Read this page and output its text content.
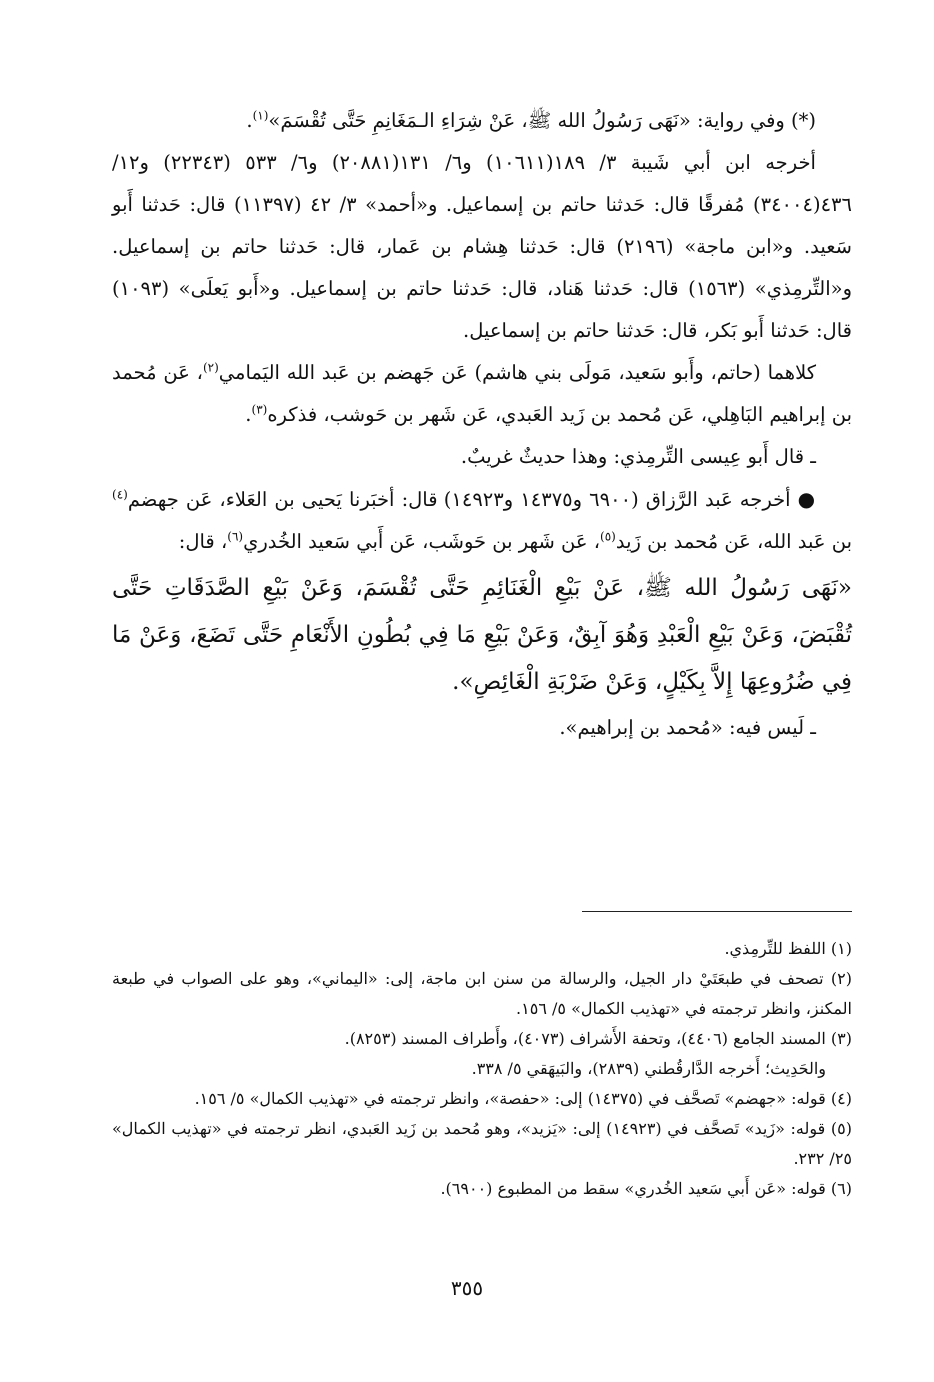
(*) وفي رواية: «نَهَى رَسُولُ الله ﷺ، عَنْ شِرَاءِ الـمَغَانِمِ حَتَّى تُقْسَمَ»$^{(١)}$.

أخرجه ابن أبي شَيبة ٣/ ١٨٩(١٠٦١١) و٦/ ١٣١(٢٠٨٨١) و٦/ ٥٣٣ (٢٢٣٤٣) و١٢/ ٤٣٦(٣٤٠٠٤) مُفرقًا قال: حَدثنا حاتم بن إسماعيل. و«أحمد» ٣/ ٤٢ (١١٣٩٧) قال: حَدثنا أَبو سَعيد. و«ابن ماجة» (٢١٩٦) قال: حَدثنا هِشام بن عَمار، قال: حَدثنا حاتم بن إسماعيل. و«التِّرمِذي» (١٥٦٣) قال: حَدثنا هَناد، قال: حَدثنا حاتم بن إسماعيل. و«أَبو يَعلَى» (١٠٩٣) قال: حَدثنا أَبو بَكر، قال: حَدثنا حاتم بن إسماعيل.

كلاهما (حاتم، وأَبو سَعيد، مَولَى بني هاشم) عَن جَهضم بن عَبد الله اليَمامي$^{(٢)}$، عَن مُحمد بن إبراهيم البَاهِلي، عَن مُحمد بن زَيد العَبدي، عَن شَهر بن حَوشب، فذكره$^{(٣)}$.

ـ قال أَبو عِيسى التِّرمِذي: وهذا حديثٌ غريبٌ.

● أخرجه عَبد الرَّزاق (٦٩٠٠ و١٤٣٧٥ و١٤٩٢٣) قال: أخبَرنا يَحيى بن العَلاء، عَن جهضم$^{(٤)}$ بن عَبد الله، عَن مُحمد بن زَيد$^{(٥)}$، عَن شَهر بن حَوشَب، عَن أَبي سَعيد الخُدري$^{(٦)}$، قال:

«نَهَى رَسُولُ الله ﷺ، عَنْ بَيْعِ الْغَنَائِمِ حَتَّى تُقْسَمَ، وَعَنْ بَيْعِ الصَّدَقَاتِ حَتَّى تُقْبَضَ، وَعَنْ بَيْعِ الْعَبْدِ وَهُوَ آبِقٌ، وَعَنْ بَيْعِ مَا فِي بُطُونِ الأَنْعَامِ حَتَّى تَضَعَ، وَعَنْ مَا فِي ضُرُوعِهَا إِلاَّ بِكَيْلٍ، وَعَنْ ضَرْبَةِ الْغَائِصِ».

ـ لَيس فيه: «مُحمد بن إبراهيم».

(١) اللفظ للتِّرمِذي.

(٢) تصحف في طبعَتَيْ دار الجيل، والرسالة من سنن ابن ماجة، إلى: «اليماني»، وهو على الصواب في طبعة المكنز، وانظر ترجمته في «تهذيب الكمال» ٥/ ١٥٦.

(٣) المسند الجامع (٤٤٠٦)، وتحفة الأَشراف (٤٠٧٣)، وأَطراف المسند (٨٢٥٣).

والحَدِيث؛ أَخرجه الدَّارقُطني (٢٨٣٩)، والبَيهَقي ٥/ ٣٣٨.

(٤) قوله: «جهضم» تَصحَّف في (١٤٣٧٥) إلى: «حفصة»، وانظر ترجمته في «تهذيب الكمال» ٥/ ١٥٦.

(٥) قوله: «زَيد» تَصحَّف في (١٤٩٢٣) إلى: «يَزيد»، وهو مُحمد بن زَيد العَبدي، انظر ترجمته في «تهذيب الكمال» ٢٥/ ٢٣٢.

(٦) قوله: «عَن أَبي سَعيد الخُدري» سقط من المطبوع (٦٩٠٠).

٣٥٥
